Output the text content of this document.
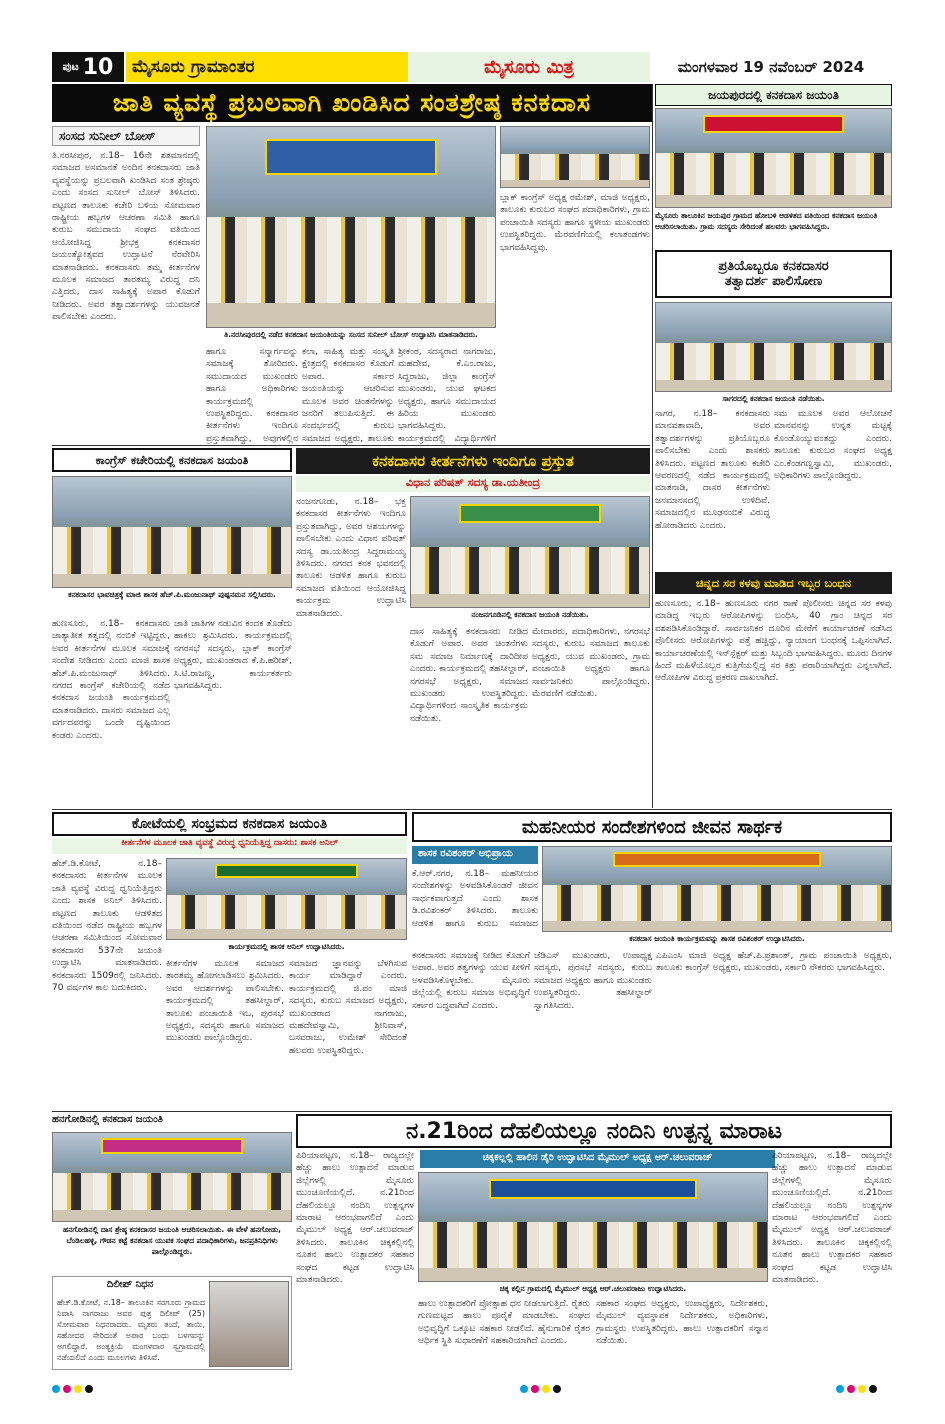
ಪುಟ 10	ಮೈಸೂರು ಗ್ರಾಮಾಂತರ	ಮೈಸೂರು ಮಿತ್ರ	ಮಂಗಳವಾರ 19 ನವೆಂಬರ್ 2024
ಜಾತಿ ವ್ಯವಸ್ಥೆ ಪ್ರಬಲವಾಗಿ ಖಂಡಿಸಿದ ಸಂತಶ್ರೇಷ್ಠ ಕನಕದಾಸ
ಸಂಸದ ಸುನೀಲ್ ಬೋಸ್
ತಿ.ನರಸೀಪುರ, ನ.18– 16ನೇ ಶತಮಾನದಲ್ಲಿ ಸಮಾಜದ ಅಸಮಾನತೆ ಅಂದಿನ ಕನಕದಾಸರು ಜಾತಿ ವ್ಯವಸ್ಥೆಯನ್ನು ಪ್ರಬಲವಾಗಿ ಖಂಡಿಸಿದ ಸಂತ ಶ್ರೇಷ್ಠರು ಎಂದು ಸಂಸದ ಸುನೀಲ್ ಬೋಸ್ ತಿಳಿಸಿದರು. ಪಟ್ಟಣದ ತಾಲೂಕು ಕಚೇರಿ ಬಳಿಯ ಸೋಮವಾರ ರಾಷ್ಟ್ರೀಯ ಹಬ್ಬಗಳ ಆಚರಣಾ ಸಮಿತಿ ಹಾಗೂ ಕುರುಬ ಸಮುದಾಯ ಸಂಘದ ವತಿಯಿಂದ ಆಯೋಜಿಸಿದ್ದ ಶ್ರೀಭಕ್ತ ಕನಕದಾಸರ ಜಯಂತ್ಯೋತ್ಸವದ ಉದ್ಘಾಟನೆ ನೆರವೇರಿಸಿ ಮಾತನಾಡಿದರು. ಕನಕದಾಸರು ತಮ್ಮ ಕೀರ್ತನೆಗಳ ಮೂಲಕ ಸಮಾಜದ ತಾರತಮ್ಯ ವಿರುದ್ಧ ದನಿ ಎತ್ತಿದರು, ದಾಸ ಸಾಹಿತ್ಯಕ್ಕೆ ಅಪಾರ ಕೊಡುಗೆ ನೀಡಿದರು. ಅವರ ತತ್ವಾದರ್ಶಗಳನ್ನು ಯುವಜನತೆ ಪಾಲಿಸಬೇಕು ಎಂದರು.
ತಿ.ನರಸೀಪುರದಲ್ಲಿ ನಡೆದ ಕನಕದಾಸ ಜಯಂತಿಯನ್ನು ಸಂಸದ ಸುನೀಲ್ ಬೋಸ್ ಉದ್ಘಾಟಿಸಿ ಮಾತನಾಡಿದರು.
ಹಾಗೂ ಸನ್ಮಾರ್ಗವನ್ನು ಸಮಾಜಕ್ಕೆ ತೋರಿದರು. ಸಮುದಾಯದ ಮುಖಂಡರು ಹಾಗೂ ಅಧಿಕಾರಿಗಳು ಕಾರ್ಯಕ್ರಮದಲ್ಲಿ ಉಪಸ್ಥಿತರಿದ್ದರು. ಕನಕದಾಸರ ಕೀರ್ತನೆಗಳು ಇಂದಿಗೂ ಪ್ರಸ್ತುತವಾಗಿದ್ದು, ಅವುಗಳಲ್ಲಿನ
ಕಲಾ, ಸಾಹಿತ್ಯ ಮತ್ತು ಸಂಸ್ಕೃತಿ ಕ್ಷೇತ್ರದಲ್ಲಿ ಕನಕದಾಸರ ಕೊಡುಗೆ ಅಪಾರ. ಸರ್ಕಾರ ಜಯಂತಿಯನ್ನು ಆಚರಿಸುವ ಮೂಲಕ ಅವರ ಚಿಂತನೆಗಳನ್ನು ಜನರಿಗೆ ತಲುಪಿಸುತ್ತಿದೆ. ಈ ಸಂದರ್ಭದಲ್ಲಿ ಕುರುಬ ಸಮಾಜದ ಅಧ್ಯಕ್ಷರು, ತಾಲೂಕು
ಶ್ರೀಕಂಠ, ಸದಸ್ಯರಾದ ನಾಗರಾಜು, ಮಹದೇವ, ಕೆ.ಎಂ.ರಾಜು, ಸಿದ್ದರಾಜು, ಜಿಲ್ಲಾ ಕಾಂಗ್ರೆಸ್ ಮುಖಂಡರು, ಯುವ ಘಟಕದ ಅಧ್ಯಕ್ಷರು, ಹಾಗೂ ಸಮುದಾಯದ ಹಿರಿಯ ಮುಖಂಡರು ಭಾಗವಹಿಸಿದ್ದರು. ಕಾರ್ಯಕ್ರಮದಲ್ಲಿ ವಿದ್ಯಾರ್ಥಿಗಳಿಗೆ
ಬ್ಲಾಕ್ ಕಾಂಗ್ರೆಸ್ ಅಧ್ಯಕ್ಷ ರಮೇಶ್, ಮಾಜಿ ಅಧ್ಯಕ್ಷರು, ತಾಲೂಕು ಕುರುಬರ ಸಂಘದ ಪದಾಧಿಕಾರಿಗಳು, ಗ್ರಾಮ ಪಂಚಾಯಿತಿ ಸದಸ್ಯರು ಹಾಗೂ ಸ್ಥಳೀಯ ಮುಖಂಡರು ಉಪಸ್ಥಿತರಿದ್ದರು. ಮೆರವಣಿಗೆಯಲ್ಲಿ ಕಲಾತಂಡಗಳು ಭಾಗವಹಿಸಿದ್ದವು.
ಜಯಪುರದಲ್ಲಿ ಕನಕದಾಸ ಜಯಂತಿ
ಮೈಸೂರು ತಾಲೂಕಿನ ಜಯಪುರ ಗ್ರಾಮದ ಹೋಬಳಿ ಆಡಳಿತದ ವತಿಯಿಂದ ಕನಕದಾಸ ಜಯಂತಿ ಆಚರಿಸಲಾಯಿತು. ಗ್ರಾಮ ಸದಸ್ಯರು ಸೇರಿದಂತೆ ಹಲವರು ಭಾಗವಹಿಸಿದ್ದರು.
ಪ್ರತಿಯೊಬ್ಬರೂ ಕನಕದಾಸರ
ತತ್ವಾದರ್ಶ ಪಾಲಿಸೋಣ
ಸಾಗರದಲ್ಲಿ ಕನಕದಾಸ ಜಯಂತಿ ನಡೆಯಿತು.
ಸಾಗರ, ನ.18– ಕನಕದಾಸರು ಮಾನವತಾವಾದಿ, ಅವರ ತತ್ವಾದರ್ಶಗಳನ್ನು ಪ್ರತಿಯೊಬ್ಬರೂ ಪಾಲಿಸಬೇಕು ಎಂದು ಶಾಸಕರು ತಿಳಿಸಿದರು. ಪಟ್ಟಣದ ತಾಲೂಕು ಕಚೇರಿ ಆವರಣದಲ್ಲಿ ನಡೆದ ಕಾರ್ಯಕ್ರಮದಲ್ಲಿ ಮಾತನಾಡಿ, ದಾಸರ ಕೀರ್ತನೆಗಳು ಜನಮಾನಸದಲ್ಲಿ ಉಳಿದಿವೆ. ಸಮಾಜದಲ್ಲಿನ ಮೂಢನಂಬಿಕೆ ವಿರುದ್ಧ ಹೋರಾಡಿದರು ಎಂದರು.
ಸಮ ಮೂಲಕ ಅವರ ಆಲೋಚನೆ ಮಾನವನನ್ನು ಉನ್ನತ ಮಟ್ಟಕ್ಕೆ ಕೊಂಡೊಯ್ಯುವಂತದ್ದು ಎಂದರು. ತಾಲೂಕು ಕುರುಬರ ಸಂಘದ ಅಧ್ಯಕ್ಷ ಎಂ.ಕೆಂಡಗಣ್ಣಸ್ವಾಮಿ, ಮುಖಂಡರು, ಅಧಿಕಾರಿಗಳು ಪಾಲ್ಗೊಂಡಿದ್ದರು.
ಚಿನ್ನದ ಸರ ಕಳವು ಮಾಡಿದ ಇಬ್ಬರ ಬಂಧನ
ಹುಣಸೂರು, ನ.18– ಹುಣಸೂರು ನಗರ ಠಾಣೆ ಪೊಲೀಸರು ಚಿನ್ನದ ಸರ ಕಳವು ಮಾಡಿದ್ದ ಇಬ್ಬರು ಆರೋಪಿಗಳನ್ನು ಬಂಧಿಸಿ, 40 ಗ್ರಾಂ ಚಿನ್ನದ ಸರ ವಶಪಡಿಸಿಕೊಂಡಿದ್ದಾರೆ. ಸಾರ್ವಜನಿಕರ ದೂರಿನ ಮೇರೆಗೆ ಕಾರ್ಯಾಚರಣೆ ನಡೆಸಿದ ಪೊಲೀಸರು ಆರೋಪಿಗಳನ್ನು ಪತ್ತೆ ಹಚ್ಚಿದ್ದು, ನ್ಯಾಯಾಂಗ ಬಂಧನಕ್ಕೆ ಒಪ್ಪಿಸಲಾಗಿದೆ. ಕಾರ್ಯಾಚರಣೆಯಲ್ಲಿ ಇನ್‌ಸ್ಪೆಕ್ಟರ್ ಮತ್ತು ಸಿಬ್ಬಂದಿ ಭಾಗವಹಿಸಿದ್ದರು. ಮೂರು ದಿನಗಳ ಹಿಂದೆ ಮಹಿಳೆಯೊಬ್ಬರ ಕುತ್ತಿಗೆಯಲ್ಲಿದ್ದ ಸರ ಕಿತ್ತು ಪರಾರಿಯಾಗಿದ್ದರು ಎನ್ನಲಾಗಿದೆ. ಆರೋಪಿಗಳ ವಿರುದ್ಧ ಪ್ರಕರಣ ದಾಖಲಾಗಿದೆ.
ಕಾಂಗ್ರೆಸ್ ಕಚೇರಿಯಲ್ಲಿ ಕನಕದಾಸ ಜಯಂತಿ
ಕನಕದಾಸರ ಭಾವಚಿತ್ರಕ್ಕೆ ಮಾಜಿ ಶಾಸಕ ಹೆಚ್.ಪಿ.ಮಂಜುನಾಥ್ ಪುಷ್ಪನಮನ ಸಲ್ಲಿಸಿದರು.
ಹುಣಸೂರು, ನ.18– ಕನಕದಾಸರು ಜಾತ್ಯಾತೀತ ತತ್ವದಲ್ಲಿ ನಂಬಿಕೆ ಇಟ್ಟಿದ್ದರು, ಅವರ ಕೀರ್ತನೆಗಳ ಮೂಲಕ ಸಮಾಜಕ್ಕೆ ಸಂದೇಶ ನೀಡಿದರು ಎಂದು ಮಾಜಿ ಶಾಸಕ ಹೆಚ್.ಪಿ.ಮಂಜುನಾಥ್ ತಿಳಿಸಿದರು. ನಗರದ ಕಾಂಗ್ರೆಸ್ ಕಚೇರಿಯಲ್ಲಿ ನಡೆದ ಕನಕದಾಸ ಜಯಂತಿ ಕಾರ್ಯಕ್ರಮದಲ್ಲಿ ಮಾತನಾಡಿದರು. ದಾಸರು ಸಮಾಜದ ಎಲ್ಲ ವರ್ಗದವರನ್ನು ಒಂದೇ ದೃಷ್ಟಿಯಿಂದ ಕಂಡರು ಎಂದರು.
ಜಾತಿ ಜಾತಿಗಳ ನಡುವಿನ ಕಂದಕ ತೊಡೆದು ಹಾಕಲು ಶ್ರಮಿಸಿದರು. ಕಾರ್ಯಕ್ರಮದಲ್ಲಿ ನಗರಸಭೆ ಸದಸ್ಯರು, ಬ್ಲಾಕ್ ಕಾಂಗ್ರೆಸ್ ಅಧ್ಯಕ್ಷರು, ಮುಖಂಡರಾದ ಕೆ.ಪಿ.ಹರೀಶ್, ಸಿ.ಟಿ.ರಾಜಣ್ಣ, ಕಾರ್ಯಕರ್ತರು ಭಾಗವಹಿಸಿದ್ದರು.
ಕನಕದಾಸರ ಕೀರ್ತನೆಗಳು ಇಂದಿಗೂ ಪ್ರಸ್ತುತ
ವಿಧಾನ ಪರಿಷತ್ ಸದಸ್ಯ ಡಾ.ಯತೀಂದ್ರ
ನಂಜನಗೂಡು, ನ.18– ಭಕ್ತ ಕನಕದಾಸರ ಕೀರ್ತನೆಗಳು ಇಂದಿಗೂ ಪ್ರಸ್ತುತವಾಗಿದ್ದು, ಅವರ ಆಶಯಗಳನ್ನು ಪಾಲಿಸಬೇಕು ಎಂದು ವಿಧಾನ ಪರಿಷತ್ ಸದಸ್ಯ ಡಾ.ಯತೀಂದ್ರ ಸಿದ್ದರಾಮಯ್ಯ ತಿಳಿಸಿದರು. ನಗರದ ಕನಕ ಭವನದಲ್ಲಿ ತಾಲೂಕು ಆಡಳಿತ ಹಾಗೂ ಕುರುಬ ಸಮಾಜದ ವತಿಯಿಂದ ಆಯೋಜಿಸಿದ್ದ ಕಾರ್ಯಕ್ರಮ ಉದ್ಘಾಟಿಸಿ ಮಾತನಾಡಿದರು.	ನಂಜನಗೂಡಿನಲ್ಲಿ ಕನಕದಾಸ ಜಯಂತಿ ನಡೆಯಿತು.
ದಾಸ ಸಾಹಿತ್ಯಕ್ಕೆ ಕನಕದಾಸರು ನೀಡಿದ ಕೊಡುಗೆ ಅಪಾರ. ಅವರ ಚಿಂತನೆಗಳು ಸಮ ಸಮಾಜ ನಿರ್ಮಾಣಕ್ಕೆ ದಾರಿದೀಪ ಎಂದರು. ಕಾರ್ಯಕ್ರಮದಲ್ಲಿ ತಹಸೀಲ್ದಾರ್, ನಗರಸಭೆ ಅಧ್ಯಕ್ಷರು, ಸಮಾಜದ ಮುಖಂಡರು ಉಪಸ್ಥಿತರಿದ್ದರು. ವಿದ್ಯಾರ್ಥಿಗಳಿಂದ ಸಾಂಸ್ಕೃತಿಕ ಕಾರ್ಯಕ್ರಮ ನಡೆಯಿತು.
ಮೇದಾರರು, ಪದಾಧಿಕಾರಿಗಳು, ನಗರಸಭೆ ಸದಸ್ಯರು, ಕುರುಬ ಸಮಾಜದ ತಾಲೂಕು ಅಧ್ಯಕ್ಷರು, ಯುವ ಮುಖಂಡರು, ಗ್ರಾಮ ಪಂಚಾಯಿತಿ ಅಧ್ಯಕ್ಷರು ಹಾಗೂ ಸಾರ್ವಜನಿಕರು ಪಾಲ್ಗೊಂಡಿದ್ದರು. ಮೆರವಣಿಗೆ ನಡೆಯಿತು.
ಕೋಟೆಯಲ್ಲಿ ಸಂಭ್ರಮದ ಕನಕದಾಸ ಜಯಂತಿ
ಕೀರ್ತನೆಗಳ ಮೂಲಕ ಜಾತಿ ವ್ಯವಸ್ಥೆ ವಿರುದ್ಧ ಧ್ವನಿಯೆತ್ತಿದ್ದ ದಾಸರು: ಶಾಸಕ ಅನಿಲ್
ಹೆಚ್.ಡಿ.ಕೋಟೆ, ನ.18– ಕನಕದಾಸರು ಕೀರ್ತನೆಗಳ ಮೂಲಕ ಜಾತಿ ವ್ಯವಸ್ಥೆ ವಿರುದ್ಧ ಧ್ವನಿಯೆತ್ತಿದ್ದರು ಎಂದು ಶಾಸಕ ಅನಿಲ್ ತಿಳಿಸಿದರು. ಪಟ್ಟಣದ ತಾಲೂಕು ಆಡಳಿತದ ವತಿಯಿಂದ ನಡೆದ ರಾಷ್ಟ್ರೀಯ ಹಬ್ಬಗಳ ಆಚರಣಾ ಸಮಿತಿಯಿಂದ ಸೋಮವಾರ ಕನಕದಾಸರ 537ನೇ ಜಯಂತಿ ಉದ್ಘಾಟಿಸಿ ಮಾತನಾಡಿದರು. ಕನಕದಾಸರು 1509ರಲ್ಲಿ ಜನಿಸಿದರು. 70 ವರ್ಷಗಳ ಕಾಲ ಬದುಕಿದರು.
ಕಾರ್ಯಕ್ರಮದಲ್ಲಿ ಶಾಸಕ ಅನಿಲ್ ಉದ್ಘಾಟಿಸಿದರು.
ಕೀರ್ತನೆಗಳ ಮೂಲಕ ಸಮಾಜದ ತಾರತಮ್ಯ ಹೋಗಲಾಡಿಸಲು ಶ್ರಮಿಸಿದರು. ಅವರ ಆದರ್ಶಗಳನ್ನು ಪಾಲಿಸಬೇಕು. ಕಾರ್ಯಕ್ರಮದಲ್ಲಿ ತಹಸೀಲ್ದಾರ್, ತಾಲೂಕು ಪಂಚಾಯಿತಿ ಇಒ, ಪುರಸಭೆ ಅಧ್ಯಕ್ಷರು, ಸದಸ್ಯರು ಹಾಗೂ ಸಮಾಜದ ಮುಖಂಡರು ಪಾಲ್ಗೊಂಡಿದ್ದರು.
ಸಮಾಜದ ಜ್ಞಾನವನ್ನು ಬೆಳಗಿಸುವ ಕಾರ್ಯ ಮಾಡಿದ್ದಾರೆ ಎಂದರು. ಕಾರ್ಯಕ್ರಮದಲ್ಲಿ ಜಿ.ಪಂ ಮಾಜಿ ಸದಸ್ಯರು, ಕುರುಬ ಸಮಾಜದ ಅಧ್ಯಕ್ಷರು, ಮುಖಂಡರಾದ ನಾಗರಾಜು, ಮಹದೇವಸ್ವಾಮಿ, ಶ್ರೀನಿವಾಸ್, ಬಸವರಾಜು, ಉಮೇಶ್ ಸೇರಿದಂತೆ ಹಲವರು ಉಪಸ್ಥಿತರಿದ್ದರು.
ಮಹನೀಯರ ಸಂದೇಶಗಳಿಂದ ಜೀವನ ಸಾರ್ಥಕ
ಶಾಸಕ ರವಿಶಂಕರ್ ಅಭಿಪ್ರಾಯ
ಕೆ.ಆರ್.ನಗರ, ನ.18– ಮಹನೀಯರ ಸಂದೇಶಗಳನ್ನು ಅಳವಡಿಸಿಕೊಂಡರೆ ಜೀವನ ಸಾರ್ಥಕವಾಗುತ್ತದೆ ಎಂದು ಶಾಸಕ ಡಿ.ರವಿಶಂಕರ್ ತಿಳಿಸಿದರು. ತಾಲೂಕು ಆಡಳಿತ ಹಾಗೂ ಕುರುಬ ಸಮಾಜದ
ಕನಕದಾಸ ಜಯಂತಿ ಕಾರ್ಯಕ್ರಮವನ್ನು ಶಾಸಕ ರವಿಶಂಕರ್ ಉದ್ಘಾಟಿಸಿದರು.
ಕನಕದಾಸರು ಸಮಾಜಕ್ಕೆ ನೀಡಿದ ಕೊಡುಗೆ ಅಪಾರ. ಅವರ ತತ್ವಗಳನ್ನು ಯುವ ಪೀಳಿಗೆ ಅಳವಡಿಸಿಕೊಳ್ಳಬೇಕು. ಮೈಸೂರು ಜಿಲ್ಲೆಯಲ್ಲಿ ಕುರುಬ ಸಮಾಜ ಅಭಿವೃದ್ಧಿಗೆ ಸರ್ಕಾರ ಬದ್ಧವಾಗಿದೆ ಎಂದರು.
ಜೆಡಿಎಸ್ ಮುಖಂಡರು, ಉಪಾಧ್ಯಕ್ಷ ಸದಸ್ಯರು, ಪುರಸಭೆ ಸದಸ್ಯರು, ಕುರುಬ ಸಮಾಜದ ಅಧ್ಯಕ್ಷರು ಹಾಗೂ ಮುಖಂಡರು ಉಪಸ್ಥಿತರಿದ್ದರು. ತಹಸೀಲ್ದಾರ್ ಸ್ವಾಗತಿಸಿದರು.
ಎಪಿಎಂಸಿ ಮಾಜಿ ಅಧ್ಯಕ್ಷ ಹೆಚ್.ಪಿ.ಪ್ರಶಾಂತ್, ಗ್ರಾಮ ಪಂಚಾಯಿತಿ ಅಧ್ಯಕ್ಷರು, ತಾಲೂಕು ಕಾಂಗ್ರೆಸ್ ಅಧ್ಯಕ್ಷರು, ಮುಖಂಡರು, ಸರ್ಕಾರಿ ನೌಕರರು ಭಾಗವಹಿಸಿದ್ದರು.
ಹನಗೋಡಿನಲ್ಲಿ ಕನಕದಾಸ ಜಯಂತಿ
ಹನಗೋಡಿನಲ್ಲಿ ದಾಸ ಶ್ರೇಷ್ಠ ಕನಕದಾಸರ ಜಯಂತಿ ಆಚರಿಸಲಾಯಿತು. ಈ ವೇಳೆ ಹನಗೋಡು, ಬೆಂಡಿಲಹಳ್ಳಿ, ಗೌಡನ ಕಟ್ಟೆ ಕನಕದಾಸ ಯುವಕ ಸಂಘದ ಪದಾಧಿಕಾರಿಗಳು, ಜನಪ್ರತಿನಿಧಿಗಳು ಪಾಲ್ಗೊಂಡಿದ್ದರು.
ದಿಲೀಪ್ ನಿಧನ
ಹೆಚ್.ಡಿ.ಕೋಟೆ, ನ.18– ತಾಲೂಕಿನ ಸರಗೂರು ಗ್ರಾಮದ ನಿವಾಸಿ ನಾಗರಾಜು ಅವರ ಪುತ್ರ ದಿಲೀಪ್ (25) ಸೋಮವಾರ ನಿಧನರಾದರು. ಮೃತರು ತಂದೆ, ತಾಯಿ, ಸಹೋದರ ಸೇರಿದಂತೆ ಅಪಾರ ಬಂಧು ಬಳಗವನ್ನು ಅಗಲಿದ್ದಾರೆ. ಅಂತ್ಯಕ್ರಿಯೆ ಮಂಗಳವಾರ ಸ್ವಗ್ರಾಮದಲ್ಲಿ ನಡೆಯಲಿದೆ ಎಂದು ಮೂಲಗಳು ತಿಳಿಸಿವೆ.
ನ.21ರಿಂದ ದೆಹಲಿಯಲ್ಲೂ ನಂದಿನಿ ಉತ್ಪನ್ನ ಮಾರಾಟ
ಚಿಕ್ಕಕಲ್ಲಲ್ಲಿ ಹಾಲಿನ ಡೈರಿ ಉದ್ಘಾಟಿಸಿದ ಮೈಮುಲ್ ಅಧ್ಯಕ್ಷ ಆರ್.ಚಲುವರಾಜ್
ಪಿರಿಯಾಪಟ್ಟಣ, ನ.18– ರಾಜ್ಯದಲ್ಲೇ ಹೆಚ್ಚು ಹಾಲು ಉತ್ಪಾದನೆ ಮಾಡುವ ಜಿಲ್ಲೆಗಳಲ್ಲಿ ಮೈಸೂರು ಮುಂಚೂಣಿಯಲ್ಲಿದೆ. ನ.21ರಿಂದ ದೆಹಲಿಯಲ್ಲೂ ನಂದಿನಿ ಉತ್ಪನ್ನಗಳ ಮಾರಾಟ ಆರಂಭವಾಗಲಿದೆ ಎಂದು ಮೈಮುಲ್ ಅಧ್ಯಕ್ಷ ಆರ್.ಚಲುವರಾಜ್ ತಿಳಿಸಿದರು. ತಾಲೂಕಿನ ಚಿಕ್ಕಕಲ್ಲಿನಲ್ಲಿ ನೂತನ ಹಾಲು ಉತ್ಪಾದಕರ ಸಹಕಾರ ಸಂಘದ ಕಟ್ಟಡ ಉದ್ಘಾಟಿಸಿ ಮಾತನಾಡಿದರು.
ಚಿಕ್ಕ ಕಲ್ಲಿನ ಗ್ರಾಮದಲ್ಲಿ ಮೈಮುಲ್ ಅಧ್ಯಕ್ಷ ಆರ್.ಚಲುವರಾಜು ಉದ್ಘಾಟಿಸಿದರು.
ಹಾಲು ಉತ್ಪಾದಕರಿಗೆ ಪ್ರೋತ್ಸಾಹ ಧನ ನೀಡಲಾಗುತ್ತಿದೆ. ರೈತರು ಗುಣಮಟ್ಟದ ಹಾಲು ಪೂರೈಕೆ ಮಾಡಬೇಕು. ಸಂಘದ ಅಭಿವೃದ್ಧಿಗೆ ಒಕ್ಕೂಟ ಸಹಕಾರ ನೀಡಲಿದೆ. ಹೈನುಗಾರಿಕೆ ರೈತರ ಆರ್ಥಿಕ ಸ್ಥಿತಿ ಸುಧಾರಣೆಗೆ ಸಹಕಾರಿಯಾಗಿದೆ ಎಂದರು.
ಸಹಕಾರ ಸಂಘದ ಅಧ್ಯಕ್ಷರು, ಉಪಾಧ್ಯಕ್ಷರು, ನಿರ್ದೇಶಕರು, ಮೈಮುಲ್ ವ್ಯವಸ್ಥಾಪಕ ನಿರ್ದೇಶಕರು, ಅಧಿಕಾರಿಗಳು, ಗ್ರಾಮಸ್ಥರು ಉಪಸ್ಥಿತರಿದ್ದರು. ಹಾಲು ಉತ್ಪಾದಕರಿಗೆ ಸನ್ಮಾನ ನಡೆಯಿತು.
ಪಿರಿಯಾಪಟ್ಟಣ, ನ.18– ರಾಜ್ಯದಲ್ಲೇ ಹೆಚ್ಚು ಹಾಲು ಉತ್ಪಾದನೆ ಮಾಡುವ ಜಿಲ್ಲೆಗಳಲ್ಲಿ ಮೈಸೂರು ಮುಂಚೂಣಿಯಲ್ಲಿದೆ. ನ.21ರಿಂದ ದೆಹಲಿಯಲ್ಲೂ ನಂದಿನಿ ಉತ್ಪನ್ನಗಳ ಮಾರಾಟ ಆರಂಭವಾಗಲಿದೆ ಎಂದು ಮೈಮುಲ್ ಅಧ್ಯಕ್ಷ ಆರ್.ಚಲುವರಾಜ್ ತಿಳಿಸಿದರು. ತಾಲೂಕಿನ ಚಿಕ್ಕಕಲ್ಲಿನಲ್ಲಿ ನೂತನ ಹಾಲು ಉತ್ಪಾದಕರ ಸಹಕಾರ ಸಂಘದ ಕಟ್ಟಡ ಉದ್ಘಾಟಿಸಿ ಮಾತನಾಡಿದರು.
